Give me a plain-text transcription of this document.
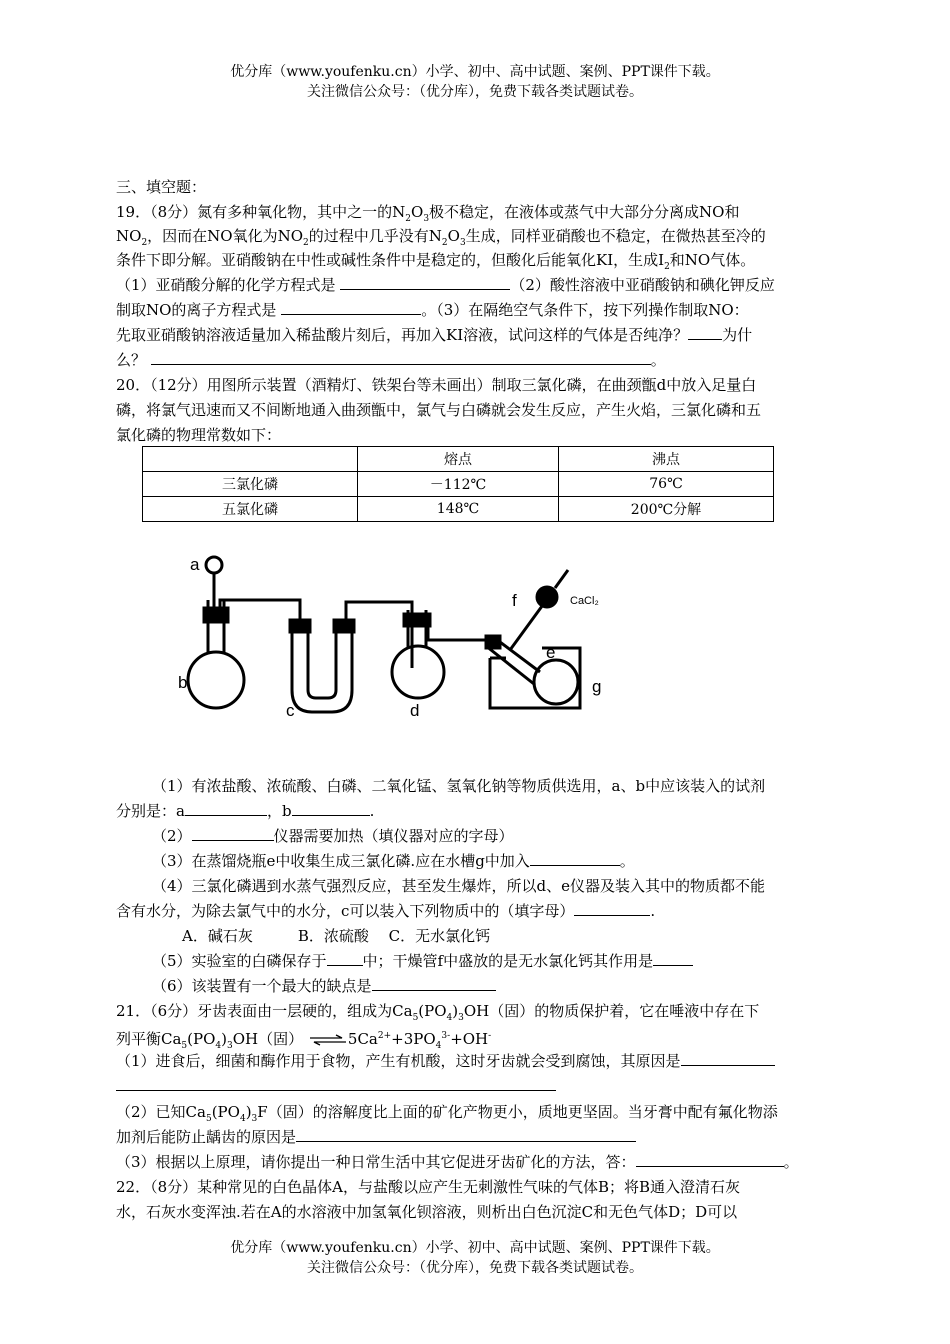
优分库（www.youfenku.cn）小学、初中、高中试题、案例、PPT课件下载。
关注微信公众号：（优分库），免费下载各类试题试卷。
三、填空题：
19．（8分）氮有多种氧化物，其中之一的$N_2O_3$极不稳定，在液体或蒸气中大部分分离成NO和
$NO_2$，因而在NO氧化为$NO_2$的过程中几乎没有$N_2O_3$生成，同样亚硝酸也不稳定，在微热甚至冷的
条件下即分解。亚硝酸钠在中性或碱性条件中是稳定的，但酸化后能氧化KI，生成$I_2$和NO气体。
（1）亚硝酸分解的化学方程式是	（2）酸性溶液中亚硝酸钠和碘化钾反应
制取NO的离子方程式是	。（3）在隔绝空气条件下，按下列操作制取NO：
先取亚硝酸钠溶液适量加入稀盐酸片刻后，再加入KI溶液，试问这样的气体是否纯净？ 为什
么？	。
20．（12分）用图所示装置（酒精灯、铁架台等未画出）制取三氯化磷，在曲颈甑d中放入足量白
磷，将氯气迅速而又不间断地通入曲颈甑中，氯气与白磷就会发生反应，产生火焰，三氯化磷和五
氯化磷的物理常数如下：
	熔点	沸点
三氯化磷	－112℃	76℃
五氯化磷	148℃	200℃分解
a
b
c	d
e
f
g
CaCl₂
（1）有浓盐酸、浓硫酸、白磷、二氧化锰、氢氧化钠等物质供选用，a、b中应该装入的试剂
分别是：a	，b	.
（2）	仪器需要加热（填仪器对应的字母）
（3）在蒸馏烧瓶e中收集生成三氯化磷.应在水槽g中加入	。
（4）三氯化磷遇到水蒸气强烈反应，甚至发生爆炸，所以d、e仪器及装入其中的物质都不能
含有水分，为除去氯气中的水分，c可以装入下列物质中的（填字母）	.
A．碱石灰　　　B．浓硫酸　 C．无水氯化钙
（5）实验室的白磷保存于 中；干燥管f中盛放的是无水氯化钙其作用是
（6）该装置有一个最大的缺点是
21．（6分）牙齿表面由一层硬的，组成为$Ca_5(PO_4)_3OH$（固）的物质保护着，它在唾液中存在下
列平衡$Ca_5(PO_4)_3OH$（固） $\rightleftharpoons 5Ca^{2+}+3PO_4^{3-}+OH^-$
（1）进食后，细菌和酶作用于食物，产生有机酸，这时牙齿就会受到腐蚀，其原因是
（2）已知$Ca_5(PO_4)_3F$（固）的溶解度比上面的矿化产物更小，质地更坚固。当牙膏中配有氟化物添
加剂后能防止龋齿的原因是
（3）根据以上原理，请你提出一种日常生活中其它促进牙齿矿化的方法，答：	。
22．（8分）某种常见的白色晶体A，与盐酸以应产生无刺激性气味的气体B；将B通入澄清石灰
水，石灰水变浑浊.若在A的水溶液中加氢氧化钡溶液，则析出白色沉淀C和无色气体D；D可以
优分库（www.youfenku.cn）小学、初中、高中试题、案例、PPT课件下载。
关注微信公众号：（优分库），免费下载各类试题试卷。
